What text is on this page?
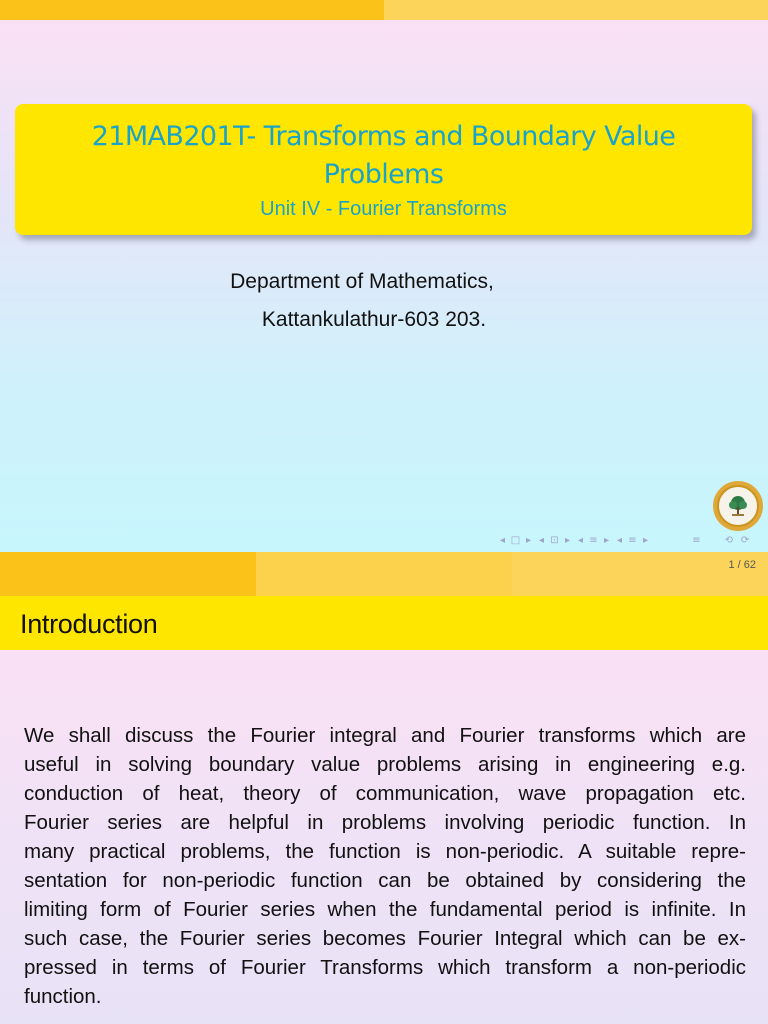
21MAB201T- Transforms and Boundary Value
Problems
Unit IV - Fourier Transforms
Department of Mathematics,
Kattankulathur-603 203.
◂ □ ▸ ◂ ⊡ ▸ ◂ ≡ ▸ ◂ ≡ ▸	≡ ⟲ ⟳
1 / 62
Introduction
We shall discuss the Fourier integral and Fourier transforms which are
useful in solving boundary value problems arising in engineering e.g.
conduction of heat, theory of communication, wave propagation etc.
Fourier series are helpful in problems involving periodic function. In
many practical problems, the function is non-periodic. A suitable repre-
sentation for non-periodic function can be obtained by considering the
limiting form of Fourier series when the fundamental period is infinite. In
such case, the Fourier series becomes Fourier Integral which can be ex-
pressed in terms of Fourier Transforms which transform a non-periodic
function.
